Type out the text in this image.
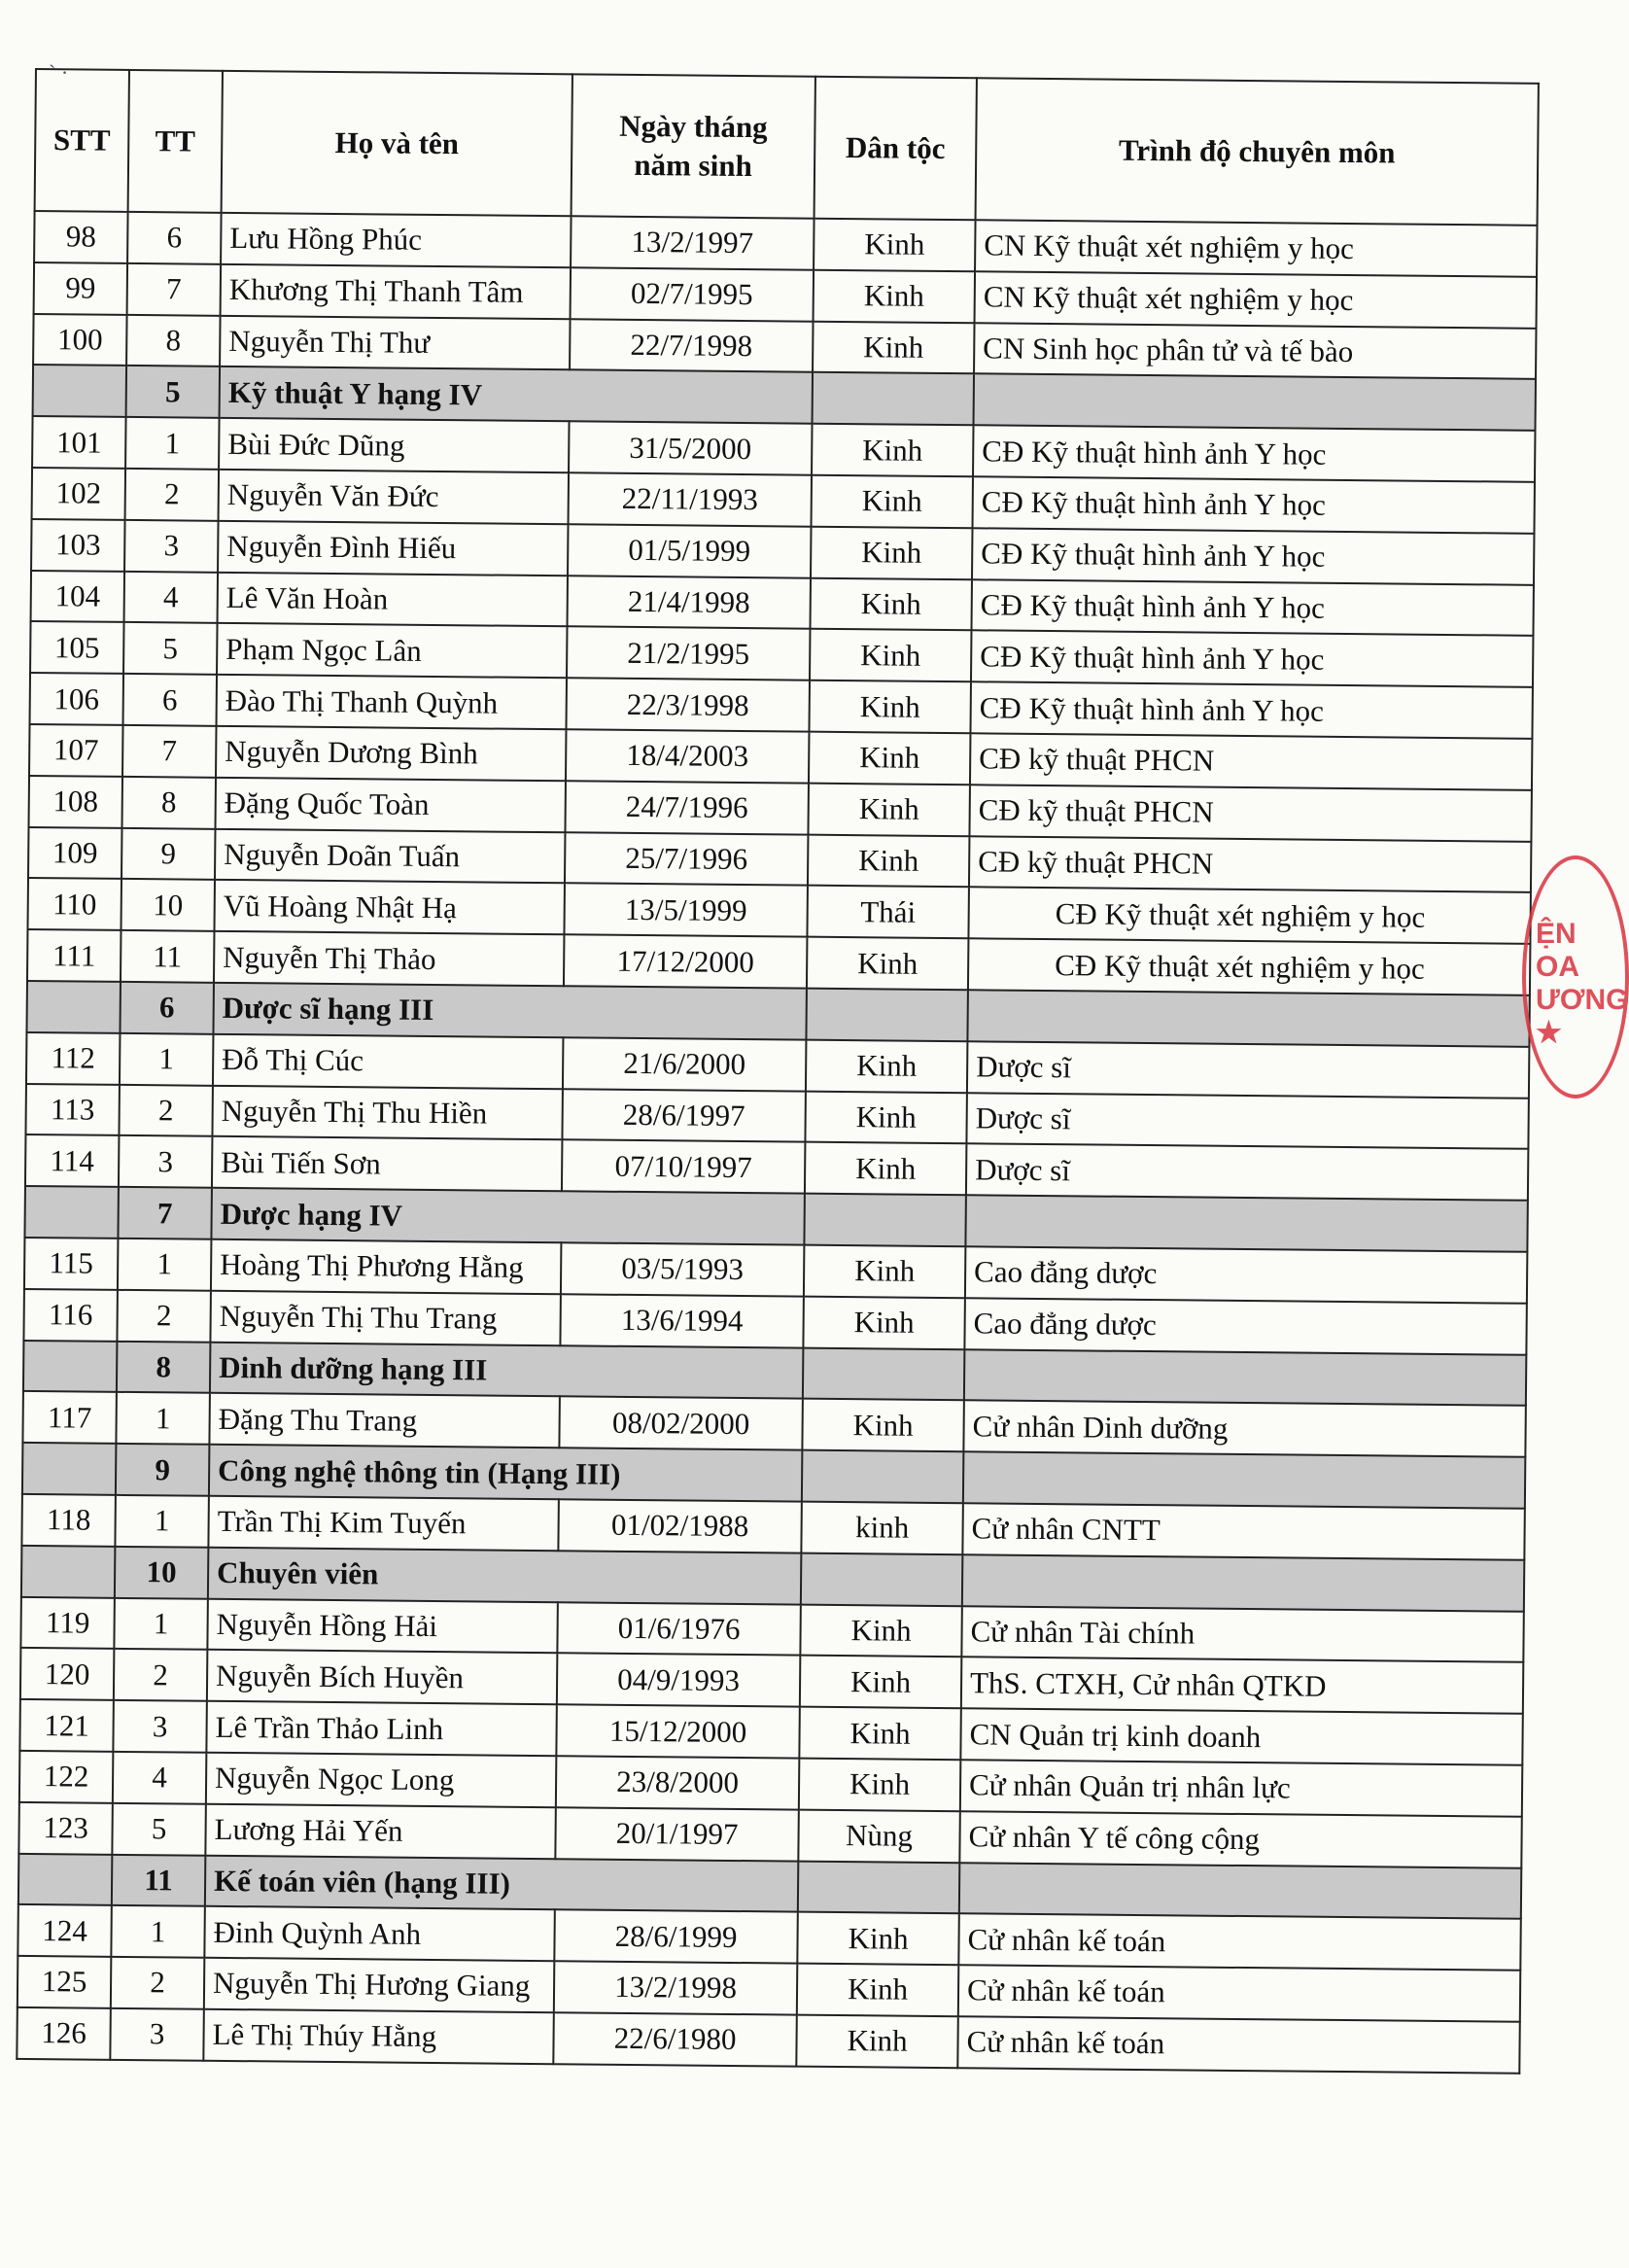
` ·
STT	TT	Họ và tên	Ngày tháng năm sinh	Dân tộc	Trình độ chuyên môn
98	6	Lưu Hồng Phúc	13/2/1997	Kinh	CN Kỹ thuật xét nghiệm y học
99	7	Khương Thị Thanh Tâm	02/7/1995	Kinh	CN Kỹ thuật xét nghiệm y học
100	8	Nguyễn Thị Thư	22/7/1998	Kinh	CN Sinh học phân tử và tế bào
	5	Kỹ thuật Y hạng IV			
101	1	Bùi Đức Dũng	31/5/2000	Kinh	CĐ Kỹ thuật hình ảnh Y học
102	2	Nguyễn Văn Đức	22/11/1993	Kinh	CĐ Kỹ thuật hình ảnh Y học
103	3	Nguyễn Đình Hiếu	01/5/1999	Kinh	CĐ Kỹ thuật hình ảnh Y học
104	4	Lê Văn Hoàn	21/4/1998	Kinh	CĐ Kỹ thuật hình ảnh Y học
105	5	Phạm Ngọc Lân	21/2/1995	Kinh	CĐ Kỹ thuật hình ảnh Y học
106	6	Đào Thị Thanh Quỳnh	22/3/1998	Kinh	CĐ Kỹ thuật hình ảnh Y học
107	7	Nguyễn Dương Bình	18/4/2003	Kinh	CĐ kỹ thuật PHCN
108	8	Đặng Quốc Toàn	24/7/1996	Kinh	CĐ kỹ thuật PHCN
109	9	Nguyễn Doãn Tuấn	25/7/1996	Kinh	CĐ kỹ thuật PHCN
110	10	Vũ Hoàng Nhật Hạ	13/5/1999	Thái	CĐ Kỹ thuật xét nghiệm y học
111	11	Nguyễn Thị Thảo	17/12/2000	Kinh	CĐ Kỹ thuật xét nghiệm y học
	6	Dược sĩ hạng III			
112	1	Đỗ Thị Cúc	21/6/2000	Kinh	Dược sĩ
113	2	Nguyễn Thị Thu Hiền	28/6/1997	Kinh	Dược sĩ
114	3	Bùi Tiến Sơn	07/10/1997	Kinh	Dược sĩ
	7	Dược hạng IV			
115	1	Hoàng Thị Phương Hằng	03/5/1993	Kinh	Cao đẳng dược
116	2	Nguyễn Thị Thu Trang	13/6/1994	Kinh	Cao đẳng dược
	8	Dinh dưỡng hạng III			
117	1	Đặng Thu Trang	08/02/2000	Kinh	Cử nhân Dinh dưỡng
	9	Công nghệ thông tin (Hạng III)			
118	1	Trần Thị Kim Tuyến	01/02/1988	kinh	Cử nhân CNTT
	10	Chuyên viên			
119	1	Nguyễn Hồng Hải	01/6/1976	Kinh	Cử nhân Tài chính
120	2	Nguyễn Bích Huyền	04/9/1993	Kinh	ThS. CTXH, Cử nhân QTKD
121	3	Lê Trần Thảo Linh	15/12/2000	Kinh	CN Quản trị kinh doanh
122	4	Nguyễn Ngọc Long	23/8/2000	Kinh	Cử nhân Quản trị nhân lực
123	5	Lương Hải Yến	20/1/1997	Nùng	Cử nhân Y tế công cộng
	11	Kế toán viên (hạng III)			
124	1	Đinh Quỳnh Anh	28/6/1999	Kinh	Cử nhân kế toán
125	2	Nguyễn Thị Hương Giang	13/2/1998	Kinh	Cử nhân kế toán
126	3	Lê Thị Thúy Hằng	22/6/1980	Kinh	Cử nhân kế toán
ỆN
OA
ƯƠNG
★
